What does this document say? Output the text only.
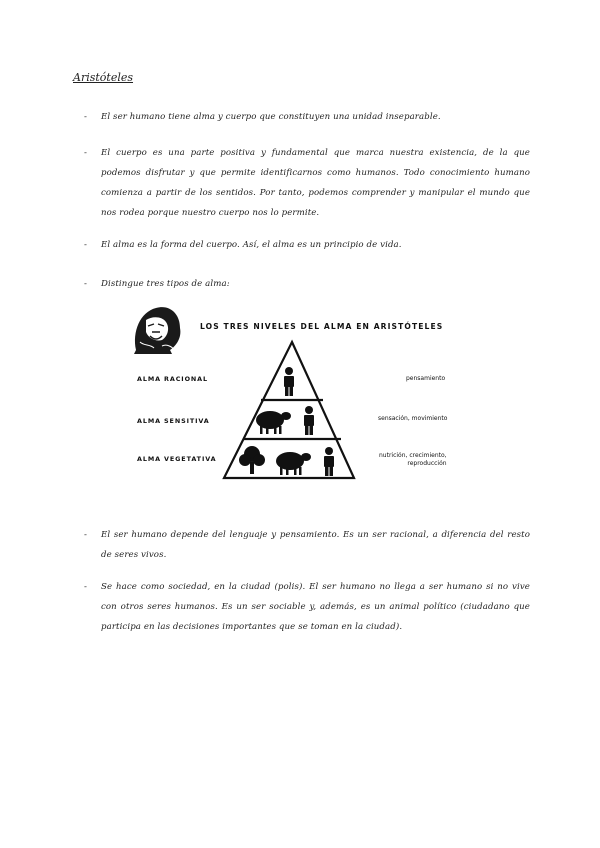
Aristóteles
- El ser humano tiene alma y cuerpo que constituyen una unidad inseparable.
- El cuerpo es una parte positiva y fundamental que marca nuestra existencia, de la que podemos disfrutar y que permite identificarnos como humanos. Todo conocimiento humano comienza a partir de los sentidos. Por tanto, podemos comprender y manipular el mundo que nos rodea porque nuestro cuerpo nos lo permite.
- El alma es la forma del cuerpo. Así, el alma es un principio de vida.
- Distingue tres tipos de alma:
LOS TRES NIVELES DEL ALMA EN ARISTÓTELES
ALMA RACIONAL
ALMA SENSITIVA
ALMA VEGETATIVA
pensamiento
sensación, movimiento
nutrición, crecimiento,
reproducción
- El ser humano depende del lenguaje y pensamiento. Es un ser racional, a diferencia del resto de seres vivos.
- Se hace como sociedad, en la ciudad (polis). El ser humano no llega a ser humano si no vive con otros seres humanos. Es un ser sociable y, además, es un animal político (ciudadano que participa en las decisiones importantes que se toman en la ciudad).
